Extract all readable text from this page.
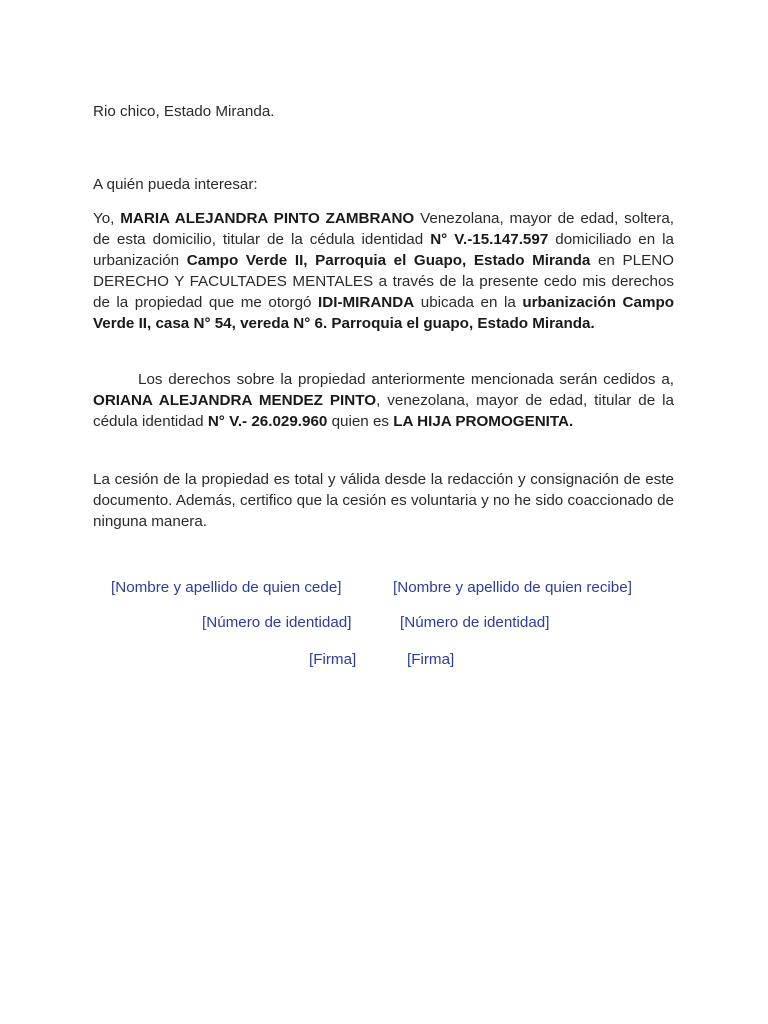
Rio chico, Estado Miranda.
A quién pueda interesar:
Yo, MARIA ALEJANDRA PINTO ZAMBRANO Venezolana, mayor de edad, soltera, de esta domicilio, titular de la cédula identidad N° V.-15.147.597 domiciliado en la urbanización Campo Verde II, Parroquia el Guapo, Estado Miranda en PLENO DERECHO Y FACULTADES MENTALES a través de la presente cedo mis derechos de la propiedad que me otorgó IDI-MIRANDA ubicada en la urbanización Campo Verde II, casa N° 54, vereda N° 6. Parroquia el guapo, Estado Miranda.
Los derechos sobre la propiedad anteriormente mencionada serán cedidos a, ORIANA ALEJANDRA MENDEZ PINTO, venezolana, mayor de edad, titular de la cédula identidad N° V.- 26.029.960 quien es LA HIJA PROMOGENITA.
La cesión de la propiedad es total y válida desde la redacción y consignación de este documento. Además, certifico que la cesión es voluntaria y no he sido coaccionado de ninguna manera.
[Nombre y apellido de quien cede]	[Nombre y apellido de quien recibe]
[Número de identidad]	[Número de identidad]
[Firma]	[Firma]
